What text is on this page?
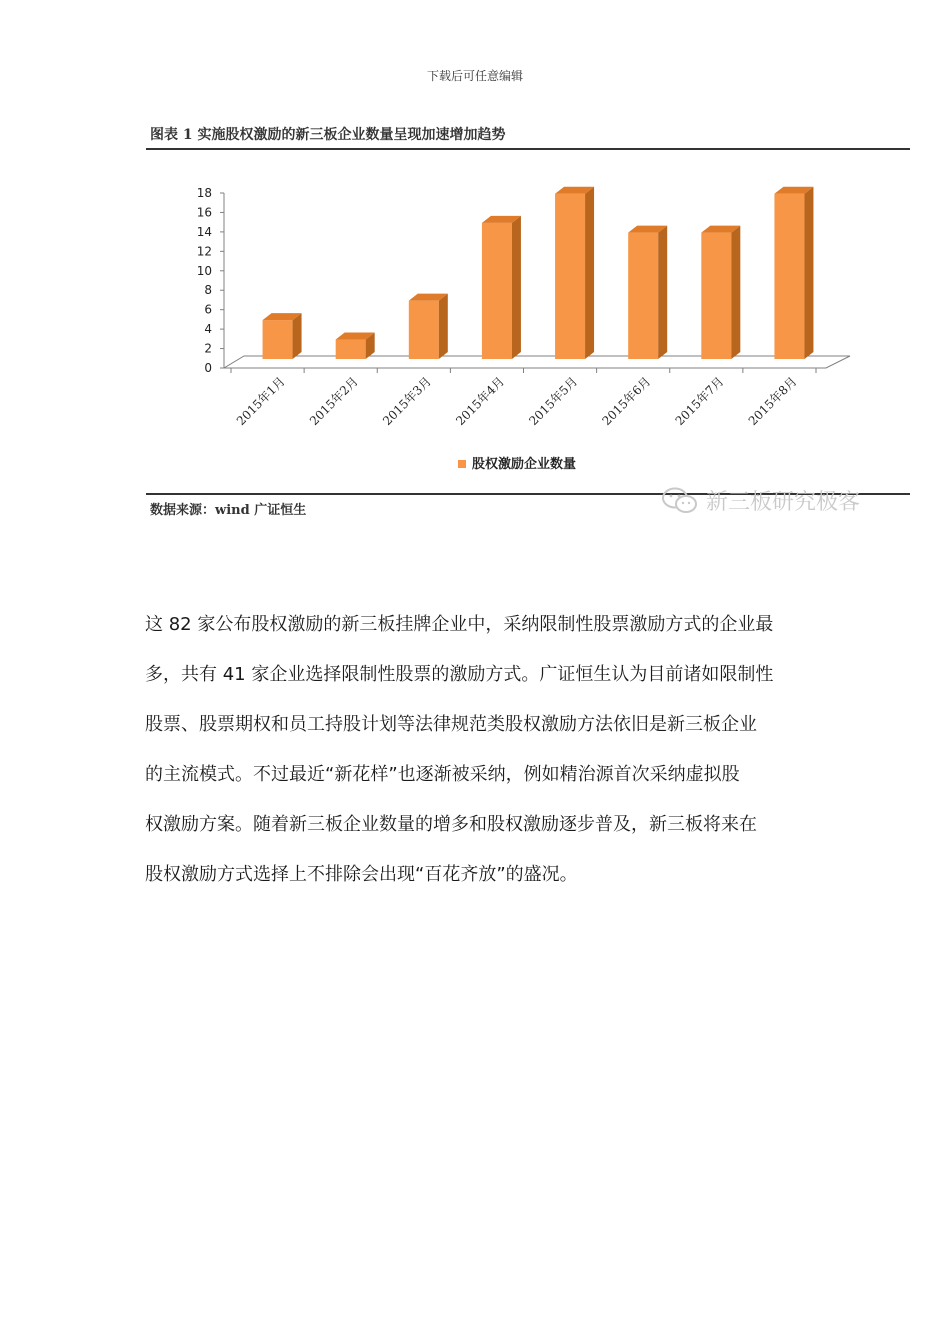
下载后可任意编辑
图表 1 实施股权激励的新三板企业数量呈现加速增加趋势
0
2
4
6
8
10
12
14
16
18
2015年1月 2015年2月 2015年3月 2015年4月 2015年5月 2015年6月 2015年7月 2015年8月
股权激励企业数量
数据来源：wind 广证恒生	新三板研究极客
这 82 家公布股权激励的新三板挂牌企业中，采纳限制性股票激励方式的企业最
多，共有 41 家企业选择限制性股票的激励方式。广证恒生认为目前诸如限制性
股票、股票期权和员工持股计划等法律规范类股权激励方法依旧是新三板企业
的主流模式。不过最近“新花样”也逐渐被采纳，例如精治源首次采纳虚拟股
权激励方案。随着新三板企业数量的增多和股权激励逐步普及，新三板将来在
股权激励方式选择上不排除会出现“百花齐放”的盛况。
